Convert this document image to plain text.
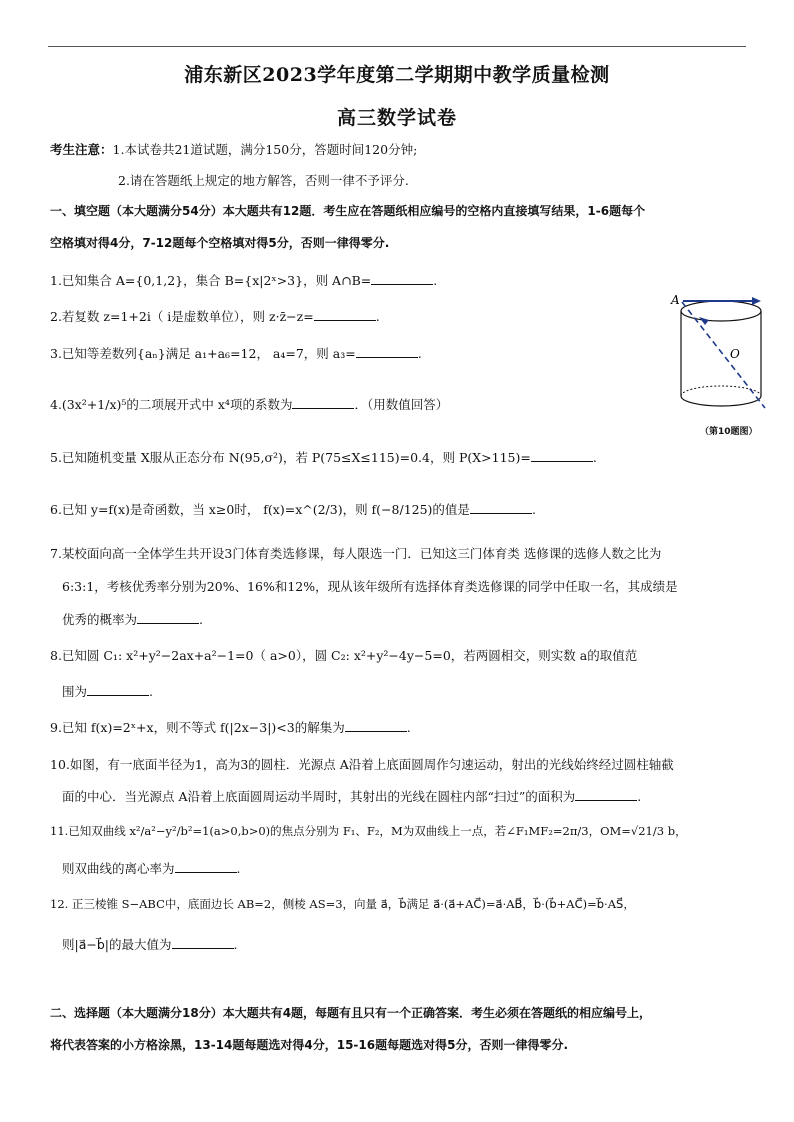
浦东新区2023学年度第二学期期中教学质量检测
高三数学试卷
考生注意：1.本试卷共21道试题，满分150分，答题时间120分钟;
2.请在答题纸上规定的地方解答，否则一律不予评分.
一、填空题（本大题满分54分）本大题共有12题．考生应在答题纸相应编号的空格内直接填写结果，1-6题每个
空格填对得4分，7-12题每个空格填对得5分，否则一律得零分.
1.已知集合 A={0,1,2}，集合 B={x|2ˣ>3}，则 A∩B=	.
2.若复数 z=1+2i（ i是虚数单位），则 z·z̄−z=	.
3.已知等差数列{aₙ}满足 a₁+a₆=12， a₄=7，则 a₃=	.
4.(3x²+1/x)⁵的二项展开式中 x⁴项的系数为	．（用数值回答）
5.已知随机变量 X服从正态分布 N(95,σ²)，若 P(75≤X≤115)=0.4，则 P(X>115)=	.
6.已知 y=f(x)是奇函数，当 x≥0时， f(x)=x^(2/3)，则 f(−8/125)的值是	.
7.某校面向高一全体学生共开设3门体育类选修课，每人限选一门．已知这三门体育类 选修课的选修人数之比为
6:3:1，考核优秀率分别为20%、16%和12%，现从该年级所有选择体育类选修课的同学中任取一名，其成绩是
优秀的概率为	.
8.已知圆 C₁: x²+y²−2ax+a²−1=0（ a>0），圆 C₂: x²+y²−4y−5=0，若两圆相交，则实数 a的取值范
围为	.
9.已知 f(x)=2ˣ+x，则不等式 f(|2x−3|)<3的解集为	.
10.如图，有一底面半径为1，高为3的圆柱．光源点 A沿着上底面圆周作匀速运动，射出的光线始终经过圆柱轴截
面的中心．当光源点 A沿着上底面圆周运动半周时，其射出的光线在圆柱内部“扫过”的面积为	.
11.已知双曲线 x²/a²−y²/b²=1(a>0,b>0)的焦点分别为 F₁、F₂，M为双曲线上一点，若∠F₁MF₂=2π/3，OM=√21/3 b，
则双曲线的离心率为	.
12. 正三棱锥 S−ABC中，底面边长 AB=2，侧棱 AS=3，向量 a⃗，b⃗满足 a⃗·(a⃗+AC⃗)=a⃗·AB⃗，b⃗·(b⃗+AC⃗)=b⃗·AS⃗，
则|a⃗−b⃗|的最大值为	.
二、选择题（本大题满分18分）本大题共有4题，每题有且只有一个正确答案．考生必须在答题纸的相应编号上，
将代表答案的小方格涂黑，13-14题每题选对得4分，15-16题每题选对得5分，否则一律得零分.
A
O
（第10题图）
